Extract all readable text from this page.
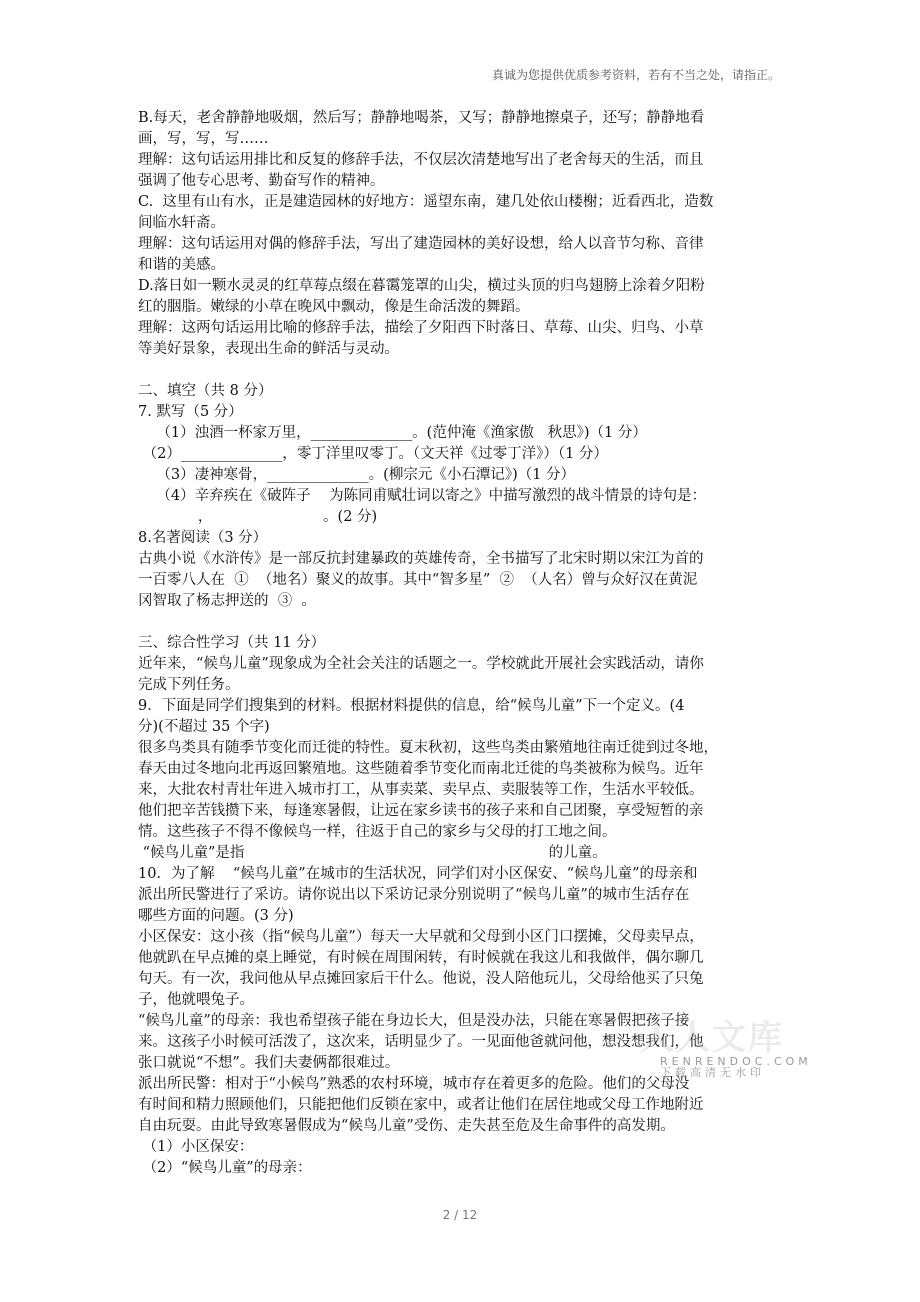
真诚为您提供优质参考资料，若有不当之处，请指正。
B.每天，老舍静静地吸烟，然后写；静静地喝茶，又写；静静地擦桌子，还写；静静地看
画，写，写，写……
理解：这句话运用排比和反复的修辞手法，不仅层次清楚地写出了老舍每天的生活，而且
强调了他专心思考、勤奋写作的精神。
C.  这里有山有水，正是建造园林的好地方：遥望东南，建几处依山楼榭；近看西北，造数
间临水轩斋。
理解：这句话运用对偶的修辞手法，写出了建造园林的美好设想，给人以音节匀称、音律
和谐的美感。
D.落日如一颗水灵灵的红草莓点缀在暮霭笼罩的山尖，横过头顶的归鸟翅膀上涂着夕阳粉
红的胭脂。嫩绿的小草在晚风中飘动，像是生命活泼的舞蹈。
理解：这两句话运用比喻的修辞手法，描绘了夕阳西下时落日、草莓、山尖、归鸟、小草
等美好景象，表现出生命的鲜活与灵动。
二、填空（共 8 分）
7. 默写（5 分）
（1）浊酒一杯家万里，______________。(范仲淹《渔家傲   秋思》)（1 分）
（2）______________，零丁洋里叹零丁。（文天祥《过零丁洋》）（1 分）
（3）凄神寒骨，______________。(柳宗元《小石潭记》)（1 分）
（4）辛弃疾在《破阵子    为陈同甫赋壮词以寄之》中描写激烈的战斗情景的诗句是：
，                        。(2 分)
8.名著阅读（3 分）
古典小说《水浒传》是一部反抗封建暴政的英雄传奇，全书描写了北宋时期以宋江为首的
一百零八人在  ①  （地名）聚义的故事。其中“智多星”  ②  （人名）曾与众好汉在黄泥
冈智取了杨志押送的  ③  。
三、综合性学习（共 11 分）
近年来，“候鸟儿童”现象成为全社会关注的话题之一。学校就此开展社会实践活动，请你
完成下列任务。
9．下面是同学们搜集到的材料。根据材料提供的信息，给“候鸟儿童”下一个定义。(4
分)(不超过 35 个字)
很多鸟类具有随季节变化而迁徙的特性。夏末秋初，这些鸟类由繁殖地往南迁徙到过冬地，
春天由过冬地向北再返回繁殖地。这些随着季节变化而南北迁徙的鸟类被称为候鸟。近年
来，大批农村青壮年进入城市打工，从事卖菜、卖早点、卖服装等工作，生活水平较低。
他们把辛苦钱攒下来，每逢寒暑假，让远在家乡读书的孩子来和自己团聚，享受短暂的亲
情。这些孩子不得不像候鸟一样，往返于自己的家乡与父母的打工地之间。
“候鸟儿童”是指                                                                  的儿童。
10．为了解    “候鸟儿童”在城市的生活状况，同学们对小区保安、“候鸟儿童”的母亲和
派出所民警进行了采访。请你说出以下采访记录分别说明了“候鸟儿童”的城市生活存在
哪些方面的问题。(3 分)
小区保安：这小孩（指“候鸟儿童”）每天一大早就和父母到小区门口摆摊，父母卖早点，
他就趴在早点摊的桌上睡觉，有时候在周围闲转，有时候就在我这儿和我做伴，偶尔聊几
句天。有一次，我问他从早点摊回家后干什么。他说，没人陪他玩儿，父母给他买了只兔
子，他就喂兔子。
“候鸟儿童”的母亲：我也希望孩子能在身边长大，但是没办法，只能在寒暑假把孩子接
来。这孩子小时候可活泼了，这次来，话明显少了。一见面他爸就问他，想没想我们，他
张口就说“不想”。我们夫妻俩都很难过。
派出所民警：相对于“小候鸟”熟悉的农村环境，城市存在着更多的危险。他们的父母没
有时间和精力照顾他们，只能把他们反锁在家中，或者让他们在居住地或父母工作地附近
自由玩耍。由此导致寒暑假成为“候鸟儿童”受伤、走失甚至危及生命事件的高发期。
（1）小区保安：
（2）“候鸟儿童”的母亲：
人人文库
RENRENDOC.COM
下载高清无水印
2 / 12
